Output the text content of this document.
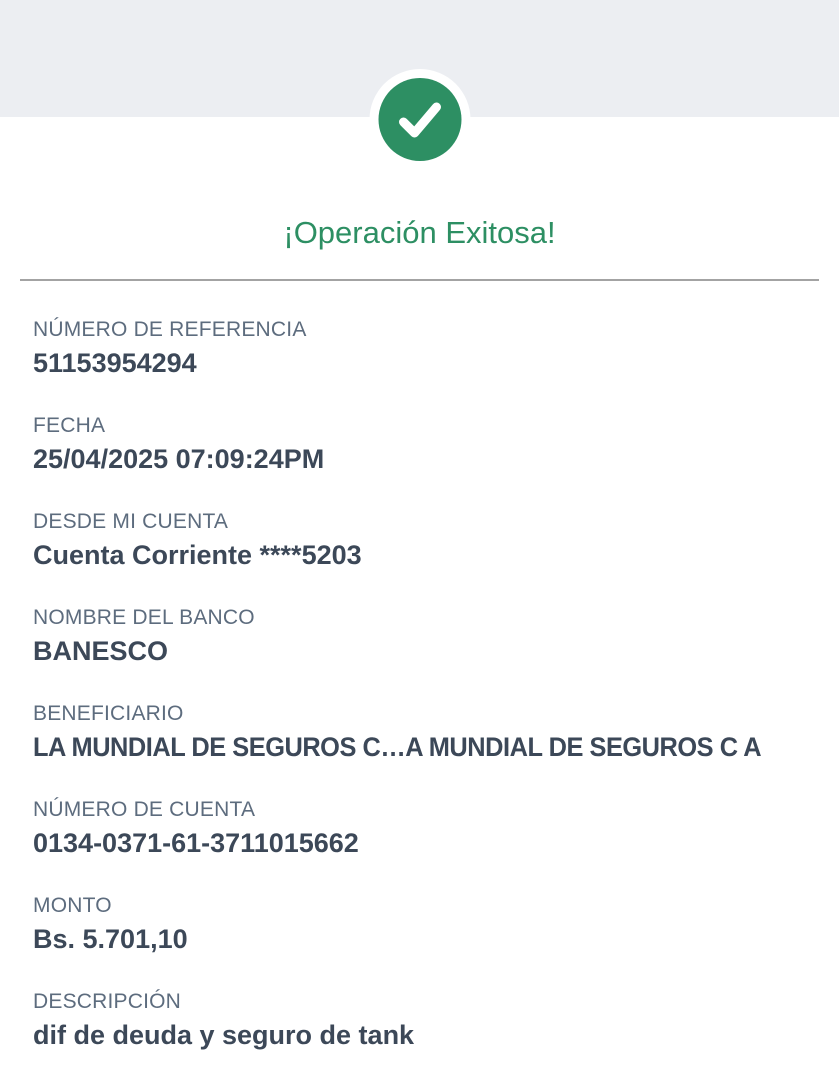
¡Operación Exitosa!
NÚMERO DE REFERENCIA
51153954294
FECHA
25/04/2025 07:09:24PM
DESDE MI CUENTA
Cuenta Corriente ****5203
NOMBRE DEL BANCO
BANESCO
BENEFICIARIO
LA MUNDIAL DE SEGUROS C…A MUNDIAL DE SEGUROS C A
NÚMERO DE CUENTA
0134-0371-61-3711015662
MONTO
Bs. 5.701,10
DESCRIPCIÓN
dif de deuda y seguro de tank
